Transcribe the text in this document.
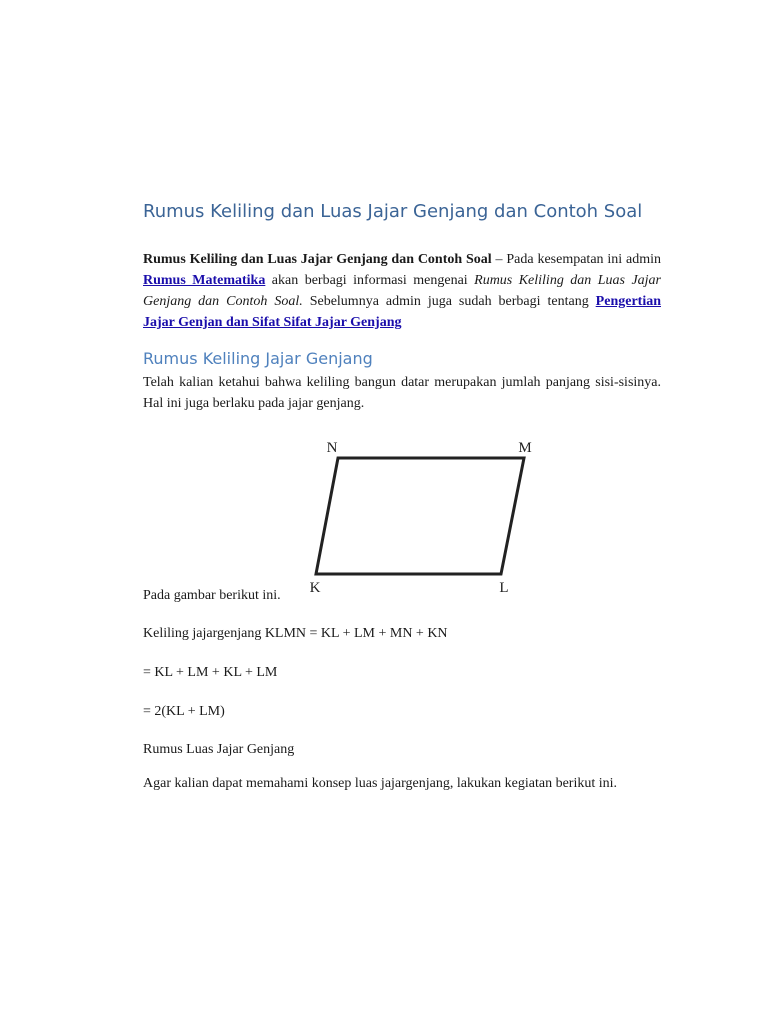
Rumus Keliling dan Luas Jajar Genjang dan Contoh Soal

Rumus Keliling dan Luas Jajar Genjang dan Contoh Soal – Pada kesempatan ini admin Rumus Matematika akan berbagi informasi mengenai Rumus Keliling dan Luas Jajar Genjang dan Contoh Soal. Sebelumnya admin juga sudah berbagi tentang Pengertian Jajar Genjan dan Sifat Sifat Jajar Genjang

Rumus Keliling Jajar Genjang

Telah kalian ketahui bahwa keliling bangun datar merupakan jumlah panjang sisi-sisinya. Hal ini juga berlaku pada jajar genjang.

N	M
K	L

Pada gambar berikut ini.

Keliling jajargenjang KLMN = KL + LM + MN + KN

= KL + LM + KL + LM

= 2(KL + LM)

Rumus Luas Jajar Genjang

Agar kalian dapat memahami konsep luas jajargenjang, lakukan kegiatan berikut ini.
